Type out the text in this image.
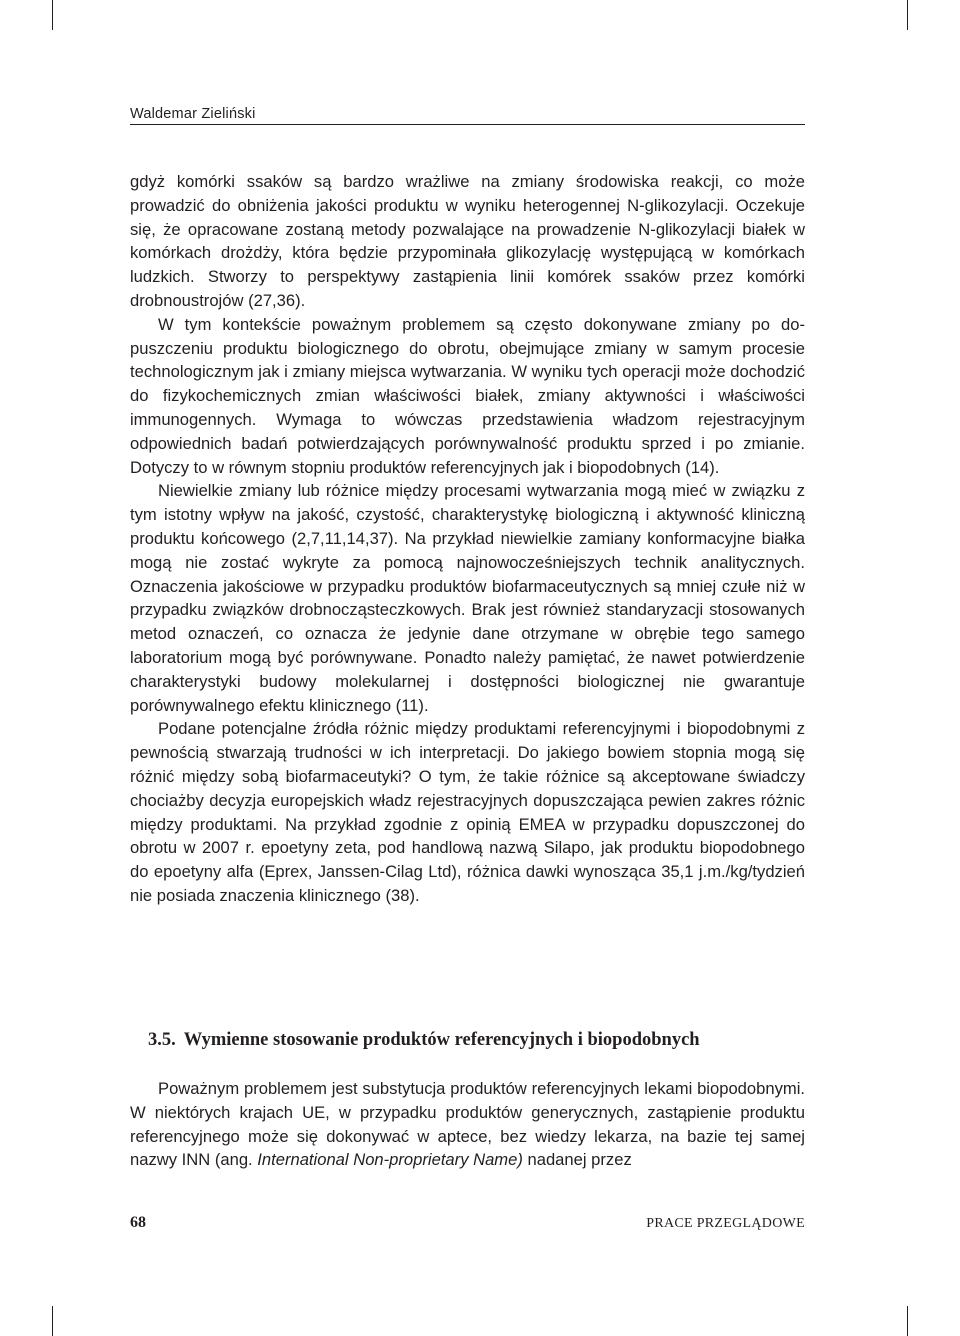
Waldemar Zieliński

gdyż komórki ssaków są bardzo wrażliwe na zmiany środowiska reakcji, co może prowadzić do obniżenia jakości produktu w wyniku heterogennej N-glikozylacji. Oczekuje się, że opracowane zostaną metody pozwalające na prowadzenie N-glikozylacji białek w komórkach drożdży, która będzie przypominała glikozylację występującą w komórkach ludzkich. Stworzy to perspektywy zastąpienia linii komórek ssaków przez komórki drobnoustrojów (27,36).

W tym kontekście poważnym problemem są często dokonywane zmiany po dopuszczeniu produktu biologicznego do obrotu, obejmujące zmiany w samym procesie technologicznym jak i zmiany miejsca wytwarzania. W wyniku tych operacji może dochodzić do fizykochemicznych zmian właściwości białek, zmiany aktywności i właściwości immunogennych. Wymaga to wówczas przedstawienia władzom rejestracyjnym odpowiednich badań potwierdzających porównywalność produktu sprzed i po zmianie. Dotyczy to w równym stopniu produktów referencyjnych jak i biopodobnych (14).

Niewielkie zmiany lub różnice między procesami wytwarzania mogą mieć w związku z tym istotny wpływ na jakość, czystość, charakterystykę biologiczną i aktywność kliniczną produktu końcowego (2,7,11,14,37). Na przykład niewielkie zamiany konformacyjne białka mogą nie zostać wykryte za pomocą najnowocześniejszych technik analitycznych. Oznaczenia jakościowe w przypadku produktów biofarmaceutycznych są mniej czułe niż w przypadku związków drobnocząsteczkowych. Brak jest również standaryzacji stosowanych metod oznaczeń, co oznacza że jedynie dane otrzymane w obrębie tego samego laboratorium mogą być porównywane. Ponadto należy pamiętać, że nawet potwierdzenie charakterystyki budowy molekularnej i dostępności biologicznej nie gwarantuje porównywalnego efektu klinicznego (11).

Podane potencjalne źródła różnic między produktami referencyjnymi i biopodobnymi z pewnością stwarzają trudności w ich interpretacji. Do jakiego bowiem stopnia mogą się różnić między sobą biofarmaceutyki? O tym, że takie różnice są akceptowane świadczy chociażby decyzja europejskich władz rejestracyjnych dopuszczająca pewien zakres różnic między produktami. Na przykład zgodnie z opinią EMEA w przypadku dopuszczonej do obrotu w 2007 r. epoetyny zeta, pod handlową nazwą Silapo, jak produktu biopodobnego do epoetyny alfa (Eprex, Janssen-Cilag Ltd), różnica dawki wynosząca 35,1 j.m./kg/tydzień nie posiada znaczenia klinicznego (38).

3.5. Wymienne stosowanie produktów referencyjnych i biopodobnych

Poważnym problemem jest substytucja produktów referencyjnych lekami biopodobnymi. W niektórych krajach UE, w przypadku produktów generycznych, zastąpienie produktu referencyjnego może się dokonywać w aptece, bez wiedzy lekarza, na bazie tej samej nazwy INN (ang. International Non-proprietary Name) nadanej przez

68	PRACE PRZEGLĄDOWE
